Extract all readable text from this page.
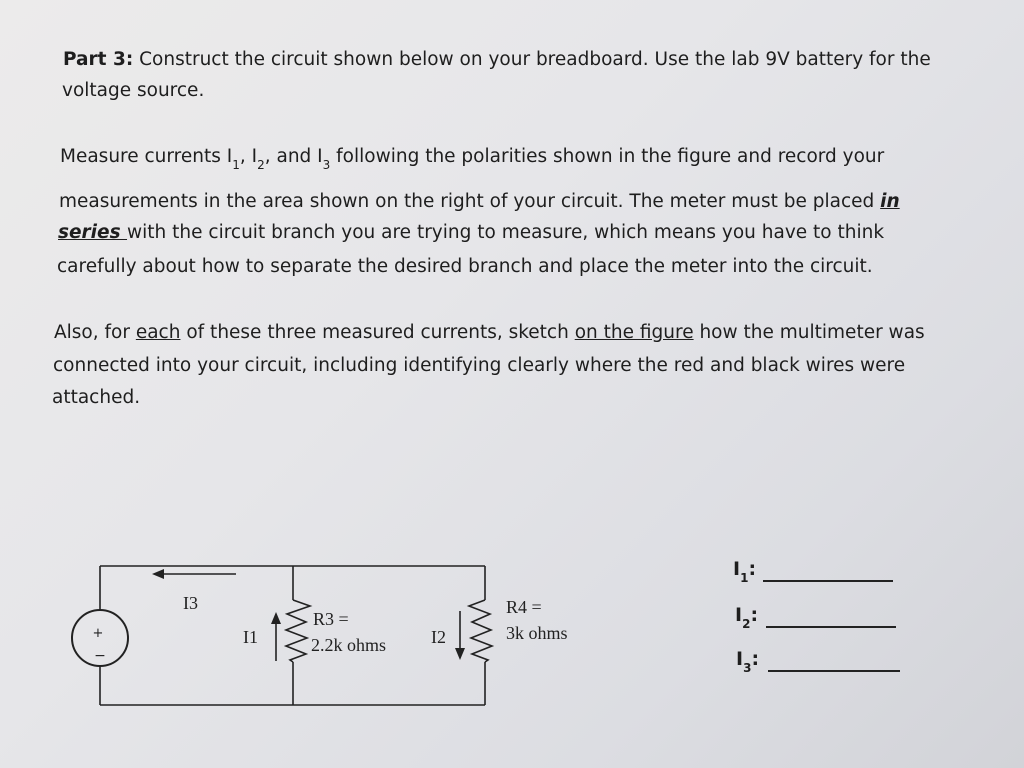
Part 3: Construct the circuit shown below on your breadboard. Use the lab 9V battery for the
voltage source.
Measure currents $I_1$, $I_2$, and $I_3$ following the polarities shown in the figure and record your
measurements in the area shown on the right of your circuit. The meter must be placed in
series with the circuit branch you are trying to measure, which means you have to think
carefully about how to separate the desired branch and place the meter into the circuit.
Also, for each of these three measured currents, sketch on the figure how the multimeter was
connected into your circuit, including identifying clearly where the red and black wires were
attached.
+
−
I3
I1	I2
R3 =
2.2k ohms
R4 =
3k ohms
$I_1$:
$I_2$:
$I_3$:
